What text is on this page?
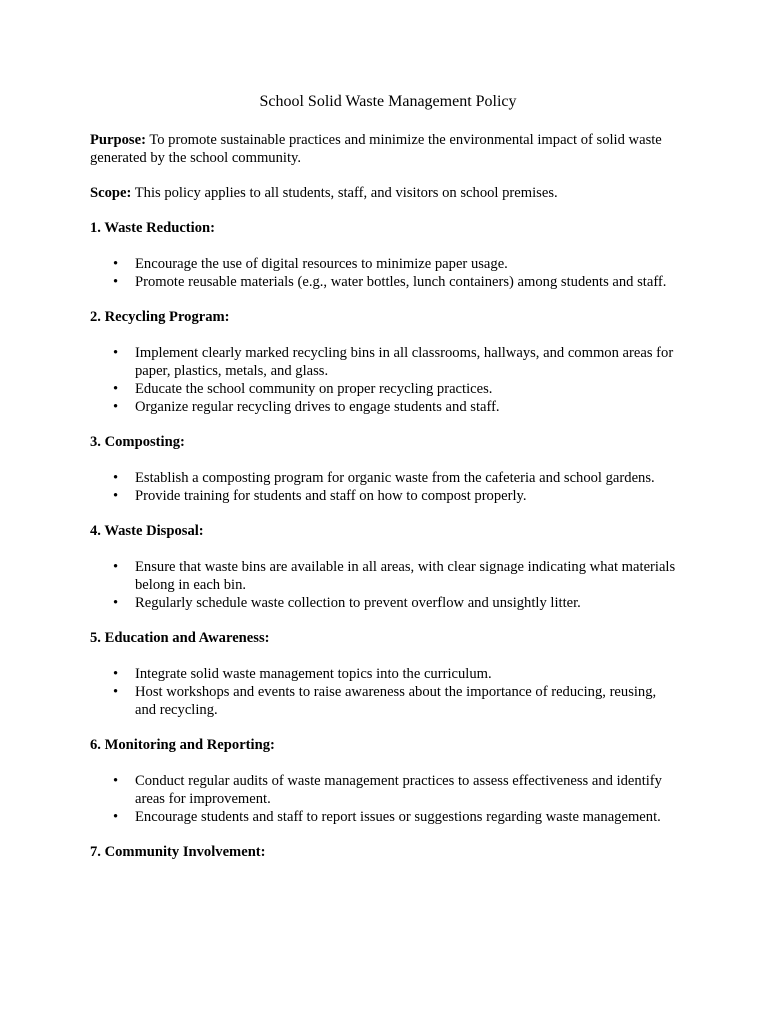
School Solid Waste Management Policy

Purpose: To promote sustainable practices and minimize the environmental impact of solid waste generated by the school community.

Scope: This policy applies to all students, staff, and visitors on school premises.

1. Waste Reduction:
• Encourage the use of digital resources to minimize paper usage.
• Promote reusable materials (e.g., water bottles, lunch containers) among students and staff.
2. Recycling Program:
• Implement clearly marked recycling bins in all classrooms, hallways, and common areas for paper, plastics, metals, and glass.
• Educate the school community on proper recycling practices.
• Organize regular recycling drives to engage students and staff.
3. Composting:
• Establish a composting program for organic waste from the cafeteria and school gardens.
• Provide training for students and staff on how to compost properly.
4. Waste Disposal:
• Ensure that waste bins are available in all areas, with clear signage indicating what materials belong in each bin.
• Regularly schedule waste collection to prevent overflow and unsightly litter.
5. Education and Awareness:
• Integrate solid waste management topics into the curriculum.
• Host workshops and events to raise awareness about the importance of reducing, reusing, and recycling.
6. Monitoring and Reporting:
• Conduct regular audits of waste management practices to assess effectiveness and identify areas for improvement.
• Encourage students and staff to report issues or suggestions regarding waste management.
7. Community Involvement:
